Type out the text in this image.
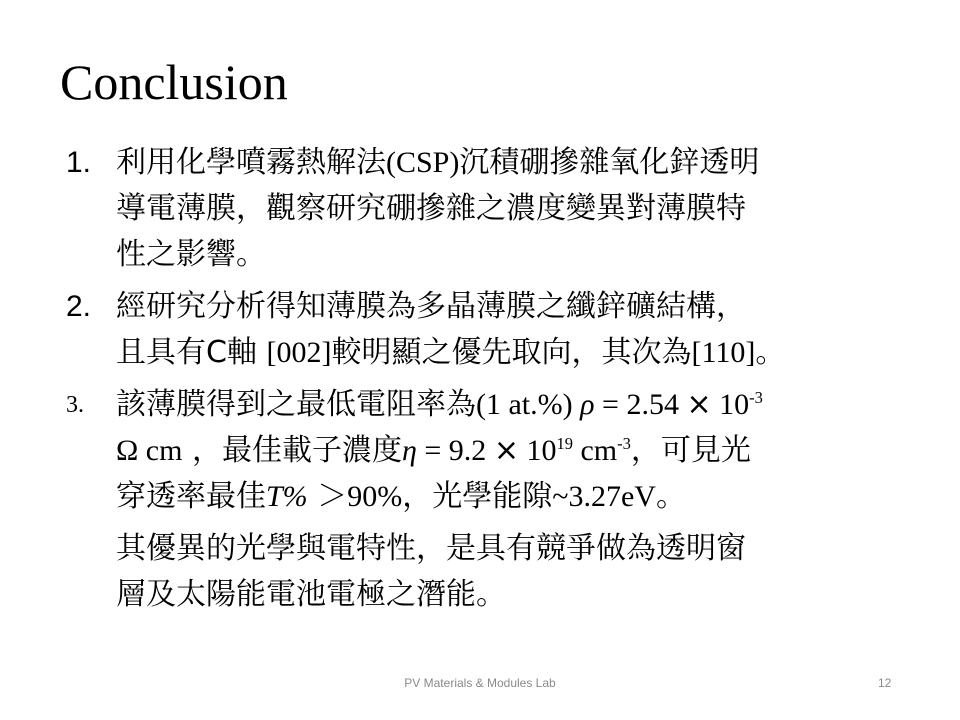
Conclusion
1. 利用化學噴霧熱解法(CSP)沉積硼摻雜氧化鋅透明
導電薄膜，觀察研究硼摻雜之濃度變異對薄膜特
性之影響。
2. 經研究分析得知薄膜為多晶薄膜之纖鋅礦結構，
且具有C軸 [002]較明顯之優先取向，其次為[110]。
3. 該薄膜得到之最低電阻率為(1 at.%) $\rho = 2.54 \times 10^{-3}$
Ω cm ，最佳載子濃度$\eta = 9.2 \times 10^{19}$ $cm^{-3}$，可見光
穿透率最佳T% ＞90%，光學能隙~3.27eV。
其優異的光學與電特性，是具有競爭做為透明窗
層及太陽能電池電極之潛能。
PV Materials & Modules Lab	12
